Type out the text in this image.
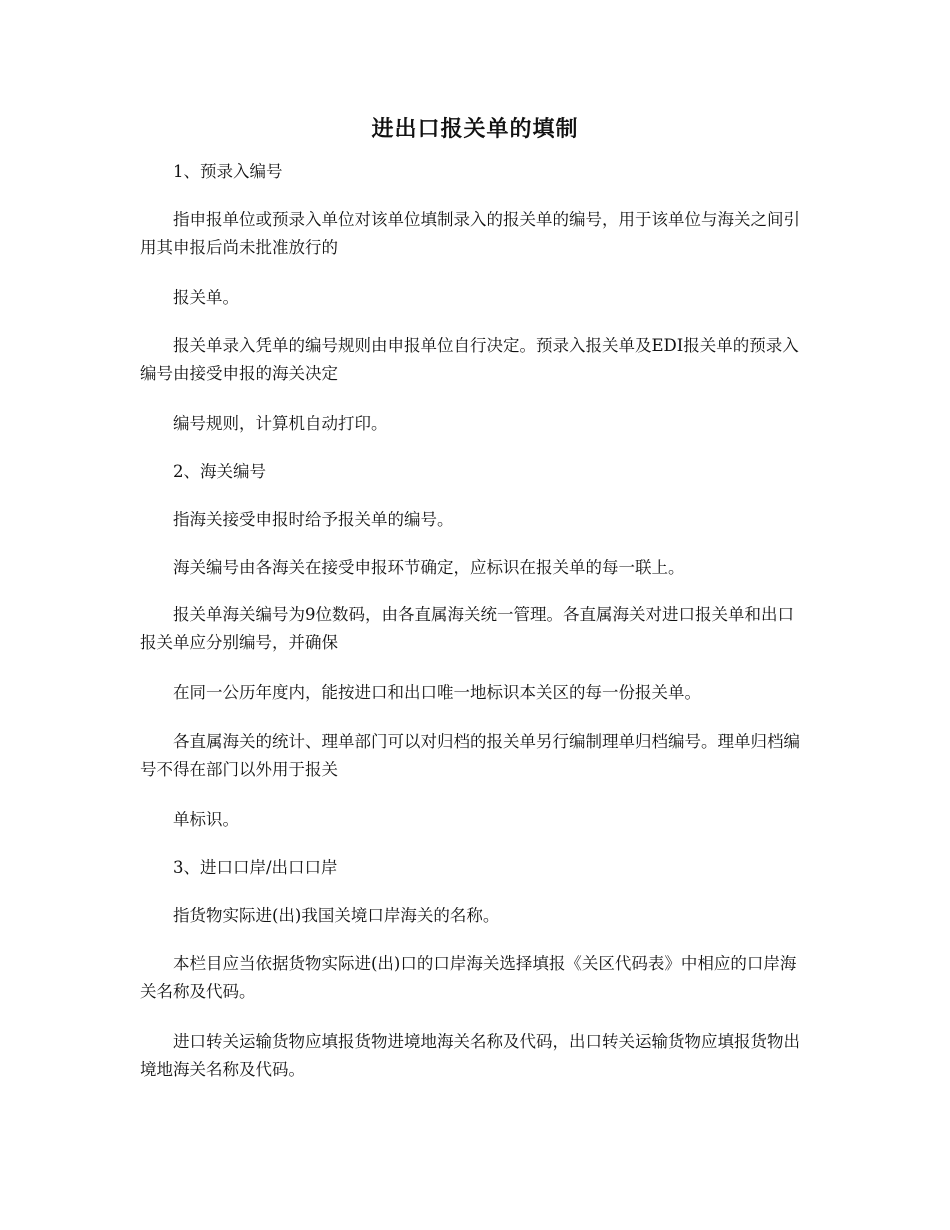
进出口报关单的填制

1、预录入编号

指申报单位或预录入单位对该单位填制录入的报关单的编号，用于该单位与海关之间引用其申报后尚未批准放行的

报关单。

报关单录入凭单的编号规则由申报单位自行决定。预录入报关单及EDI报关单的预录入编号由接受申报的海关决定

编号规则，计算机自动打印。

2、海关编号

指海关接受申报时给予报关单的编号。

海关编号由各海关在接受申报环节确定，应标识在报关单的每一联上。

报关单海关编号为9位数码，由各直属海关统一管理。各直属海关对进口报关单和出口报关单应分别编号，并确保

在同一公历年度内，能按进口和出口唯一地标识本关区的每一份报关单。

各直属海关的统计、理单部门可以对归档的报关单另行编制理单归档编号。理单归档编号不得在部门以外用于报关

单标识。

3、进口口岸/出口口岸

指货物实际进(出)我国关境口岸海关的名称。

本栏目应当依据货物实际进(出)口的口岸海关选择填报《关区代码表》中相应的口岸海关名称及代码。

进口转关运输货物应填报货物进境地海关名称及代码，出口转关运输货物应填报货物出境地海关名称及代码。
